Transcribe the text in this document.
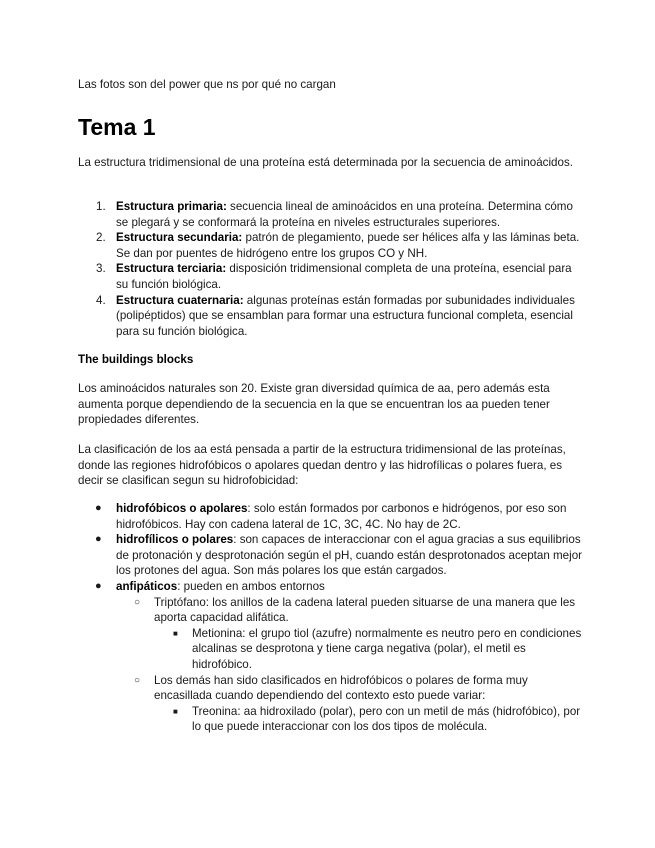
Las fotos son del power que ns por qué no cargan
Tema 1

La estructura tridimensional de una proteína está determinada por la secuencia de aminoácidos.

1. Estructura primaria: secuencia lineal de aminoácidos en una proteína. Determina cómo se plegará y se conformará la proteína en niveles estructurales superiores.
2. Estructura secundaria: patrón de plegamiento, puede ser hélices alfa y las láminas beta. Se dan por puentes de hidrógeno entre los grupos CO y NH.
3. Estructura terciaria: disposición tridimensional completa de una proteína, esencial para su función biológica.
4. Estructura cuaternaria: algunas proteínas están formadas por subunidades individuales (polipéptidos) que se ensamblan para formar una estructura funcional completa, esencial para su función biológica.
The buildings blocks

Los aminoácidos naturales son 20. Existe gran diversidad química de aa, pero además esta aumenta porque dependiendo de la secuencia en la que se encuentran los aa pueden tener propiedades diferentes.

La clasificación de los aa está pensada a partir de la estructura tridimensional de las proteínas, donde las regiones hidrofóbicos o apolares quedan dentro y las hidrofílicas o polares fuera, es decir se clasifican segun su hidrofobicidad:

● hidrofóbicos o apolares: solo están formados por carbonos e hidrógenos, por eso son hidrofóbicos. Hay con cadena lateral de 1C, 3C, 4C. No hay de 2C.
● hidrofílicos o polares: son capaces de interaccionar con el agua gracias a sus equilibrios de protonación y desprotonación según el pH, cuando están desprotonados aceptan mejor los protones del agua. Son más polares los que están cargados.
● anfipáticos: pueden en ambos entornos
○ Triptófano: los anillos de la cadena lateral pueden situarse de una manera que les aporta capacidad alifática.
■ Metionina: el grupo tiol (azufre) normalmente es neutro pero en condiciones alcalinas se desprotona y tiene carga negativa (polar), el metil es hidrofóbico.
○ Los demás han sido clasificados en hidrofóbicos o polares de forma muy encasillada cuando dependiendo del contexto esto puede variar:
■ Treonina: aa hidroxilado (polar), pero con un metil de más (hidrofóbico), por lo que puede interaccionar con los dos tipos de molécula.
